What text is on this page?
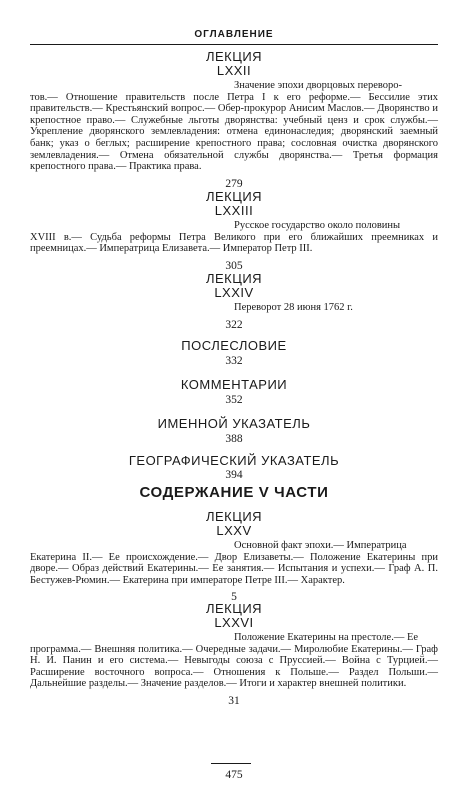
ОГЛАВЛЕНИЕ
ЛЕКЦИЯ
LXXII
Значение эпохи дворцовых переворо-
тов.— Отношение правительств после Петра I к его реформе.— Бессилие этих правительств.— Крестьянский вопрос.— Обер-прокурор Анисим Маслов.— Дворянство и крепостное право.— Служебные льготы дворянства: учебный ценз и срок службы.— Укрепление дворянского землевладения: отмена единонаследия; дворянский заемный банк; указ о беглых; расширение крепостного права; сословная очистка дворянского землевладения.— Отмена обязательной службы дворянства.— Третья формация крепостного права.— Практика права.
279
ЛЕКЦИЯ
LXXIII
Русское государство около половины
XVIII в.— Судьба реформы Петра Великого при его ближайших преемниках и преемницах.— Императрица Елизавета.— Император Петр III.
305
ЛЕКЦИЯ
LXXIV
Переворот 28 июня 1762 г.
322
ПОСЛЕСЛОВИЕ
332
КОММЕНТАРИИ
352
ИМЕННОЙ УКАЗАТЕЛЬ
388
ГЕОГРАФИЧЕСКИЙ УКАЗАТЕЛЬ
394
СОДЕРЖАНИЕ V ЧАСТИ
ЛЕКЦИЯ
LXXV
Основной факт эпохи.— Императрица
Екатерина II.— Ее происхождение.— Двор Елизаветы.— Положение Екатерины при дворе.— Образ действий Екатерины.— Ее занятия.— Испытания и успехи.— Граф А. П. Бестужев-Рюмин.— Екатерина при императоре Петре III.— Характер.
5
ЛЕКЦИЯ
LXXVI
Положение Екатерины на престоле.— Ее
программа.— Внешняя политика.— Очередные задачи.— Миролюбие Екатерины.— Граф Н. И. Панин и его система.— Невыгоды союза с Пруссией.— Война с Турцией.— Расширение восточного вопроса.— Отношения к Польше.— Раздел Польши.— Дальнейшие разделы.— Значение разделов.— Итоги и характер внешней политики.
31
475
